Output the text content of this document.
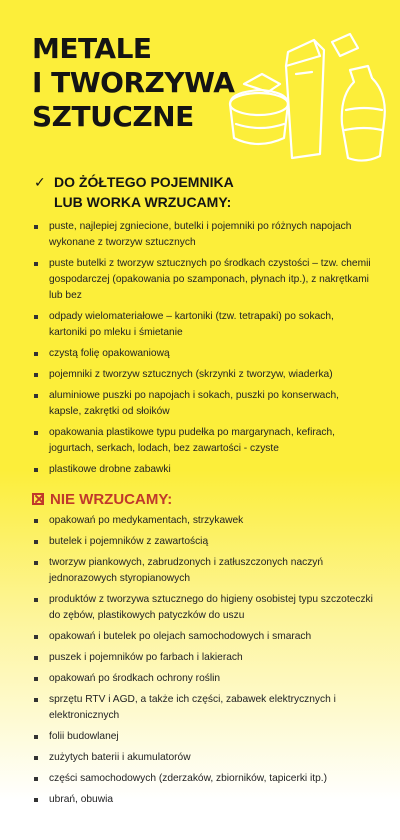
METALE
I TWORZYWA
SZTUCZNE
✓ DO ŻÓŁTEGO POJEMNIKA
LUB WORKA WRZUCAMY:
puste, najlepiej zgniecione, butelki i pojemniki po różnych napojach wykonane z tworzyw sztucznych
puste butelki z tworzyw sztucznych po środkach czystości – tzw. chemii gospodarczej (opakowania po szamponach, płynach itp.), z nakrętkami lub bez
odpady wielomateriałowe – kartoniki (tzw. tetrapaki) po sokach, kartoniki po mleku i śmietanie
czystą folię opakowaniową
pojemniki z tworzyw sztucznych (skrzynki z tworzyw, wiaderka)
aluminiowe puszki po napojach i sokach, puszki po konserwach, kapsle, zakrętki od słoików
opakowania plastikowe typu pudełka po margarynach, kefirach, jogurtach, serkach, lodach, bez zawartości - czyste
plastikowe drobne zabawki
NIE WRZUCAMY:
opakowań po medykamentach, strzykawek
butelek i pojemników z zawartością
tworzyw piankowych, zabrudzonych i zatłuszczonych naczyń jednorazowych styropianowych
produktów z tworzywa sztucznego do higieny osobistej typu szczoteczki do zębów, plastikowych patyczków do uszu
opakowań i butelek po olejach samochodowych i smarach
puszek i pojemników po farbach i lakierach
opakowań po środkach ochrony roślin
sprzętu RTV i AGD, a także ich części, zabawek elektrycznych i elektronicznych
folii budowlanej
zużytych baterii i akumulatorów
części samochodowych (zderzaków, zbiorników, tapicerki itp.)
ubrań, obuwia
